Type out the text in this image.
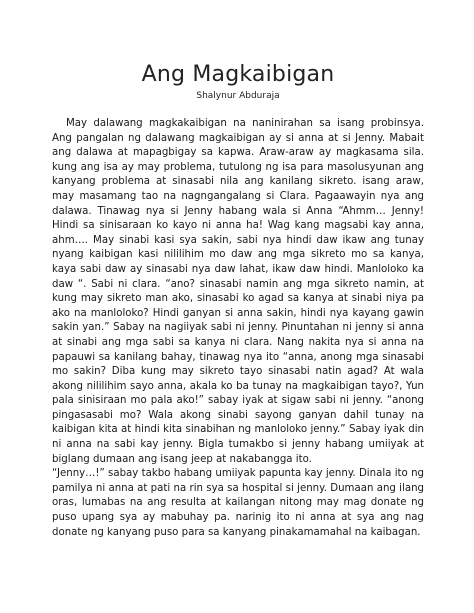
Ang Magkaibigan
Shalynur Abduraja

May dalawang magkakaibigan na naninirahan sa isang probinsya. Ang pangalan ng dalawang magkaibigan ay si anna at si Jenny. Mabait ang dalawa at mapagbigay sa kapwa. Araw-araw ay magkasama sila. kung ang isa ay may problema, tutulong ng isa para masolusyunan ang kanyang problema at sinasabi nila ang kanilang sikreto. isang araw, may masamang tao na nagngangalang si Clara. Pagaawayin nya ang dalawa. Tinawag nya si Jenny habang wala si Anna “Ahmm… Jenny! Hindi sa sinisaraan ko kayo ni anna ha! Wag kang magsabi kay anna, ahm…. May sinabi kasi sya sakin, sabi nya hindi daw ikaw ang tunay nyang kaibigan kasi nililihim mo daw ang mga sikreto mo sa kanya, kaya sabi daw ay sinasabi nya daw lahat, ikaw daw hindi. Manloloko ka daw “. Sabi ni clara. “ano? sinasabi namin ang mga sikreto namin, at kung may sikreto man ako, sinasabi ko agad sa kanya at sinabi niya pa ako na manloloko? Hindi ganyan si anna sakin, hindi nya kayang gawin sakin yan.” Sabay na nagiiyak sabi ni jenny. Pinuntahan ni jenny si anna at sinabi ang mga sabi sa kanya ni clara. Nang nakita nya si anna na papauwi sa kanilang bahay, tinawag nya ito “anna, anong mga sinasabi mo sakin? Diba kung may sikreto tayo sinasabi natin agad? At wala akong nililihim sayo anna, akala ko ba tunay na magkaibigan tayo?, Yun pala sinisiraan mo pala ako!” sabay iyak at sigaw sabi ni jenny. “anong pingasasabi mo? Wala akong sinabi sayong ganyan dahil tunay na kaibigan kita at hindi kita sinabihan ng manloloko jenny.” Sabay iyak din ni anna na sabi kay jenny. Bigla tumakbo si jenny habang umiiyak at biglang dumaan ang isang jeep at nakabangga ito.

“Jenny…!” sabay takbo habang umiiyak papunta kay jenny. Dinala ito ng pamilya ni anna at pati na rin sya sa hospital si jenny. Dumaan ang ilang oras, lumabas na ang resulta at kailangan nitong may mag donate ng puso upang sya ay mabuhay pa. narinig ito ni anna at sya ang nag donate ng kanyang puso para sa kanyang pinakamamahal na kaibagan.
